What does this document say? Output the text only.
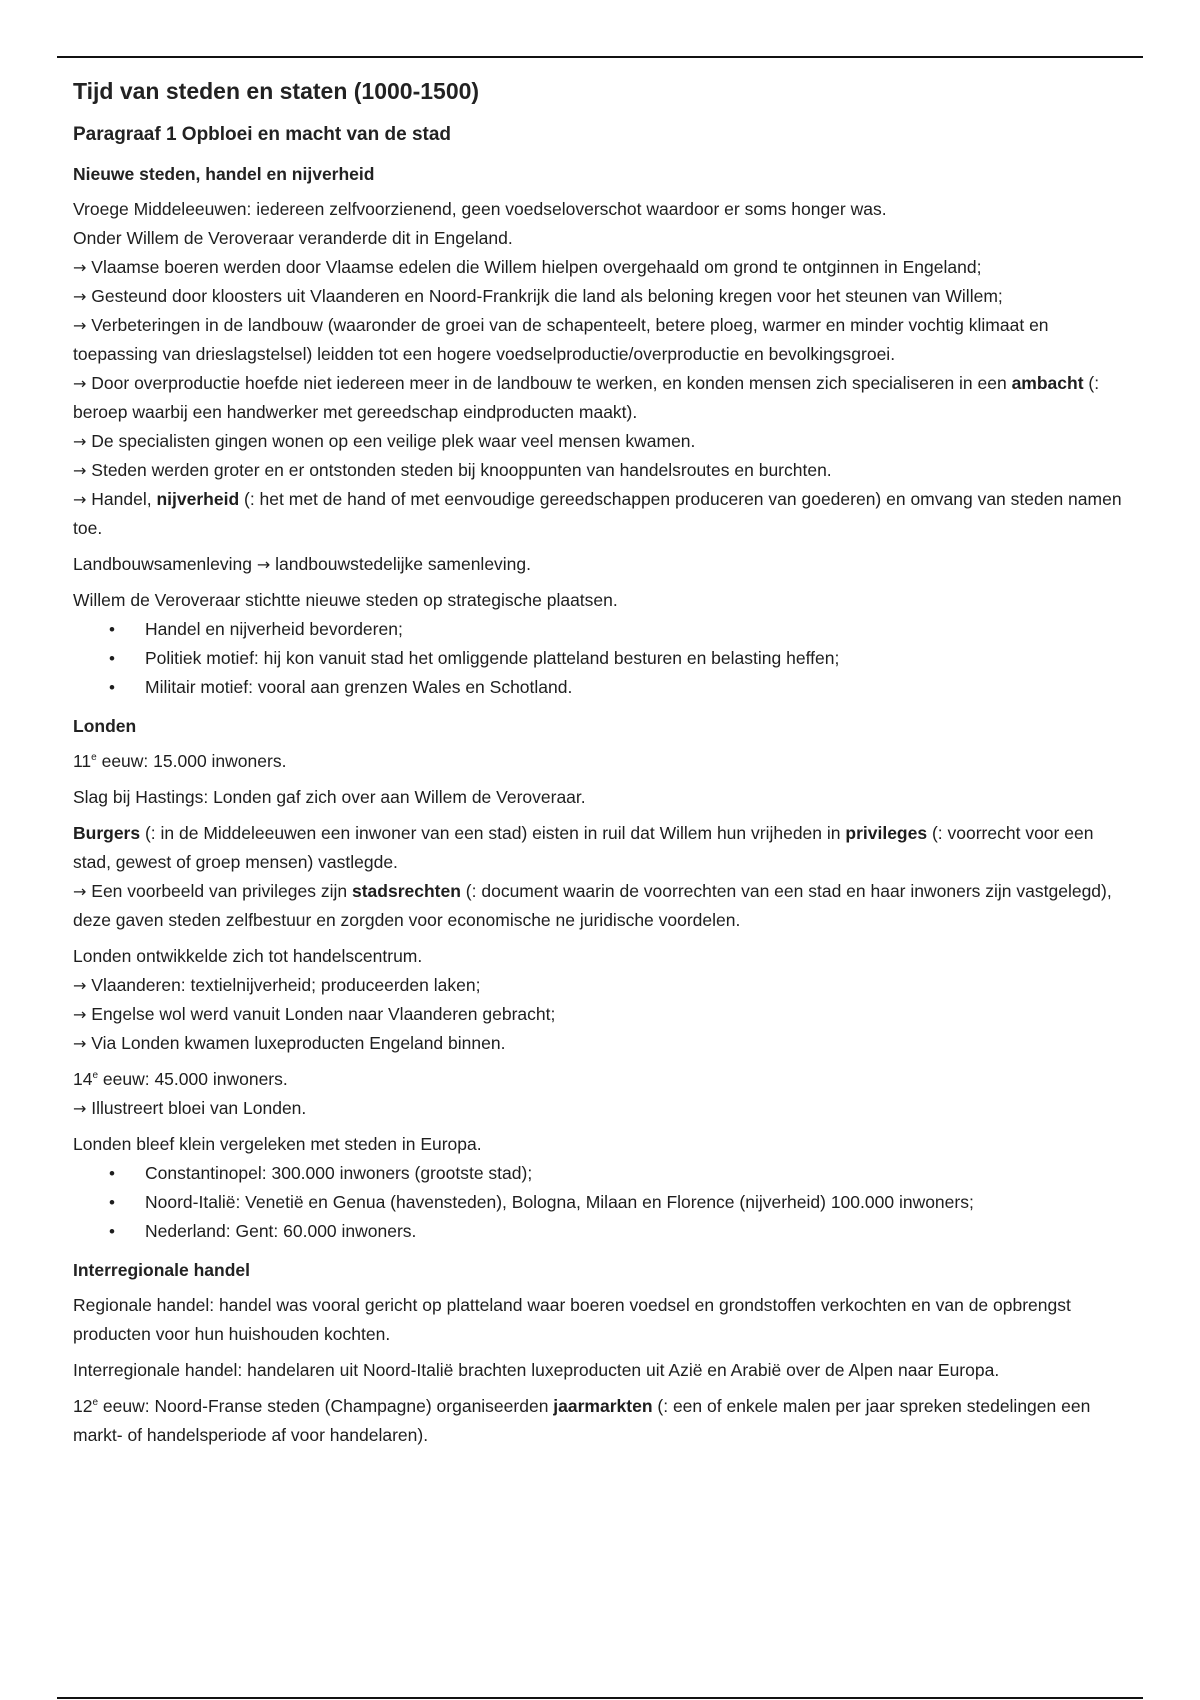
Tijd van steden en staten (1000-1500)
Paragraaf 1 Opbloei en macht van de stad
Nieuwe steden, handel en nijverheid

Vroege Middeleeuwen: iedereen zelfvoorzienend, geen voedseloverschot waardoor er soms honger was.

Onder Willem de Veroveraar veranderde dit in Engeland.

→ Vlaamse boeren werden door Vlaamse edelen die Willem hielpen overgehaald om grond te ontginnen in Engeland;

→ Gesteund door kloosters uit Vlaanderen en Noord-Frankrijk die land als beloning kregen voor het steunen van Willem;

→ Verbeteringen in de landbouw (waaronder de groei van de schapenteelt, betere ploeg, warmer en minder vochtig klimaat en toepassing van drieslagstelsel) leidden tot een hogere voedselproductie/overproductie en bevolkingsgroei.

→ Door overproductie hoefde niet iedereen meer in de landbouw te werken, en konden mensen zich specialiseren in een ambacht (: beroep waarbij een handwerker met gereedschap eindproducten maakt).

→ De specialisten gingen wonen op een veilige plek waar veel mensen kwamen.

→ Steden werden groter en er ontstonden steden bij knooppunten van handelsroutes en burchten.

→ Handel, nijverheid (: het met de hand of met eenvoudige gereedschappen produceren van goederen) en omvang van steden namen toe.

Landbouwsamenleving → landbouwstedelijke samenleving.

Willem de Veroveraar stichtte nieuwe steden op strategische plaatsen.

• Handel en nijverheid bevorderen;
• Politiek motief: hij kon vanuit stad het omliggende platteland besturen en belasting heffen;
• Militair motief: vooral aan grenzen Wales en Schotland.
Londen

11e eeuw: 15.000 inwoners.

Slag bij Hastings: Londen gaf zich over aan Willem de Veroveraar.

Burgers (: in de Middeleeuwen een inwoner van een stad) eisten in ruil dat Willem hun vrijheden in privileges (: voorrecht voor een stad, gewest of groep mensen) vastlegde.

→ Een voorbeeld van privileges zijn stadsrechten (: document waarin de voorrechten van een stad en haar inwoners zijn vastgelegd), deze gaven steden zelfbestuur en zorgden voor economische ne juridische voordelen.

Londen ontwikkelde zich tot handelscentrum.

→ Vlaanderen: textielnijverheid; produceerden laken;

→ Engelse wol werd vanuit Londen naar Vlaanderen gebracht;

→ Via Londen kwamen luxeproducten Engeland binnen.

14e eeuw: 45.000 inwoners.

→ Illustreert bloei van Londen.

Londen bleef klein vergeleken met steden in Europa.

• Constantinopel: 300.000 inwoners (grootste stad);
• Noord-Italië: Venetië en Genua (havensteden), Bologna, Milaan en Florence (nijverheid) 100.000 inwoners;
• Nederland: Gent: 60.000 inwoners.
Interregionale handel

Regionale handel: handel was vooral gericht op platteland waar boeren voedsel en grondstoffen verkochten en van de opbrengst producten voor hun huishouden kochten.

Interregionale handel: handelaren uit Noord-Italië brachten luxeproducten uit Azië en Arabië over de Alpen naar Europa.

12e eeuw: Noord-Franse steden (Champagne) organiseerden jaarmarkten (: een of enkele malen per jaar spreken stedelingen een markt- of handelsperiode af voor handelaren).
